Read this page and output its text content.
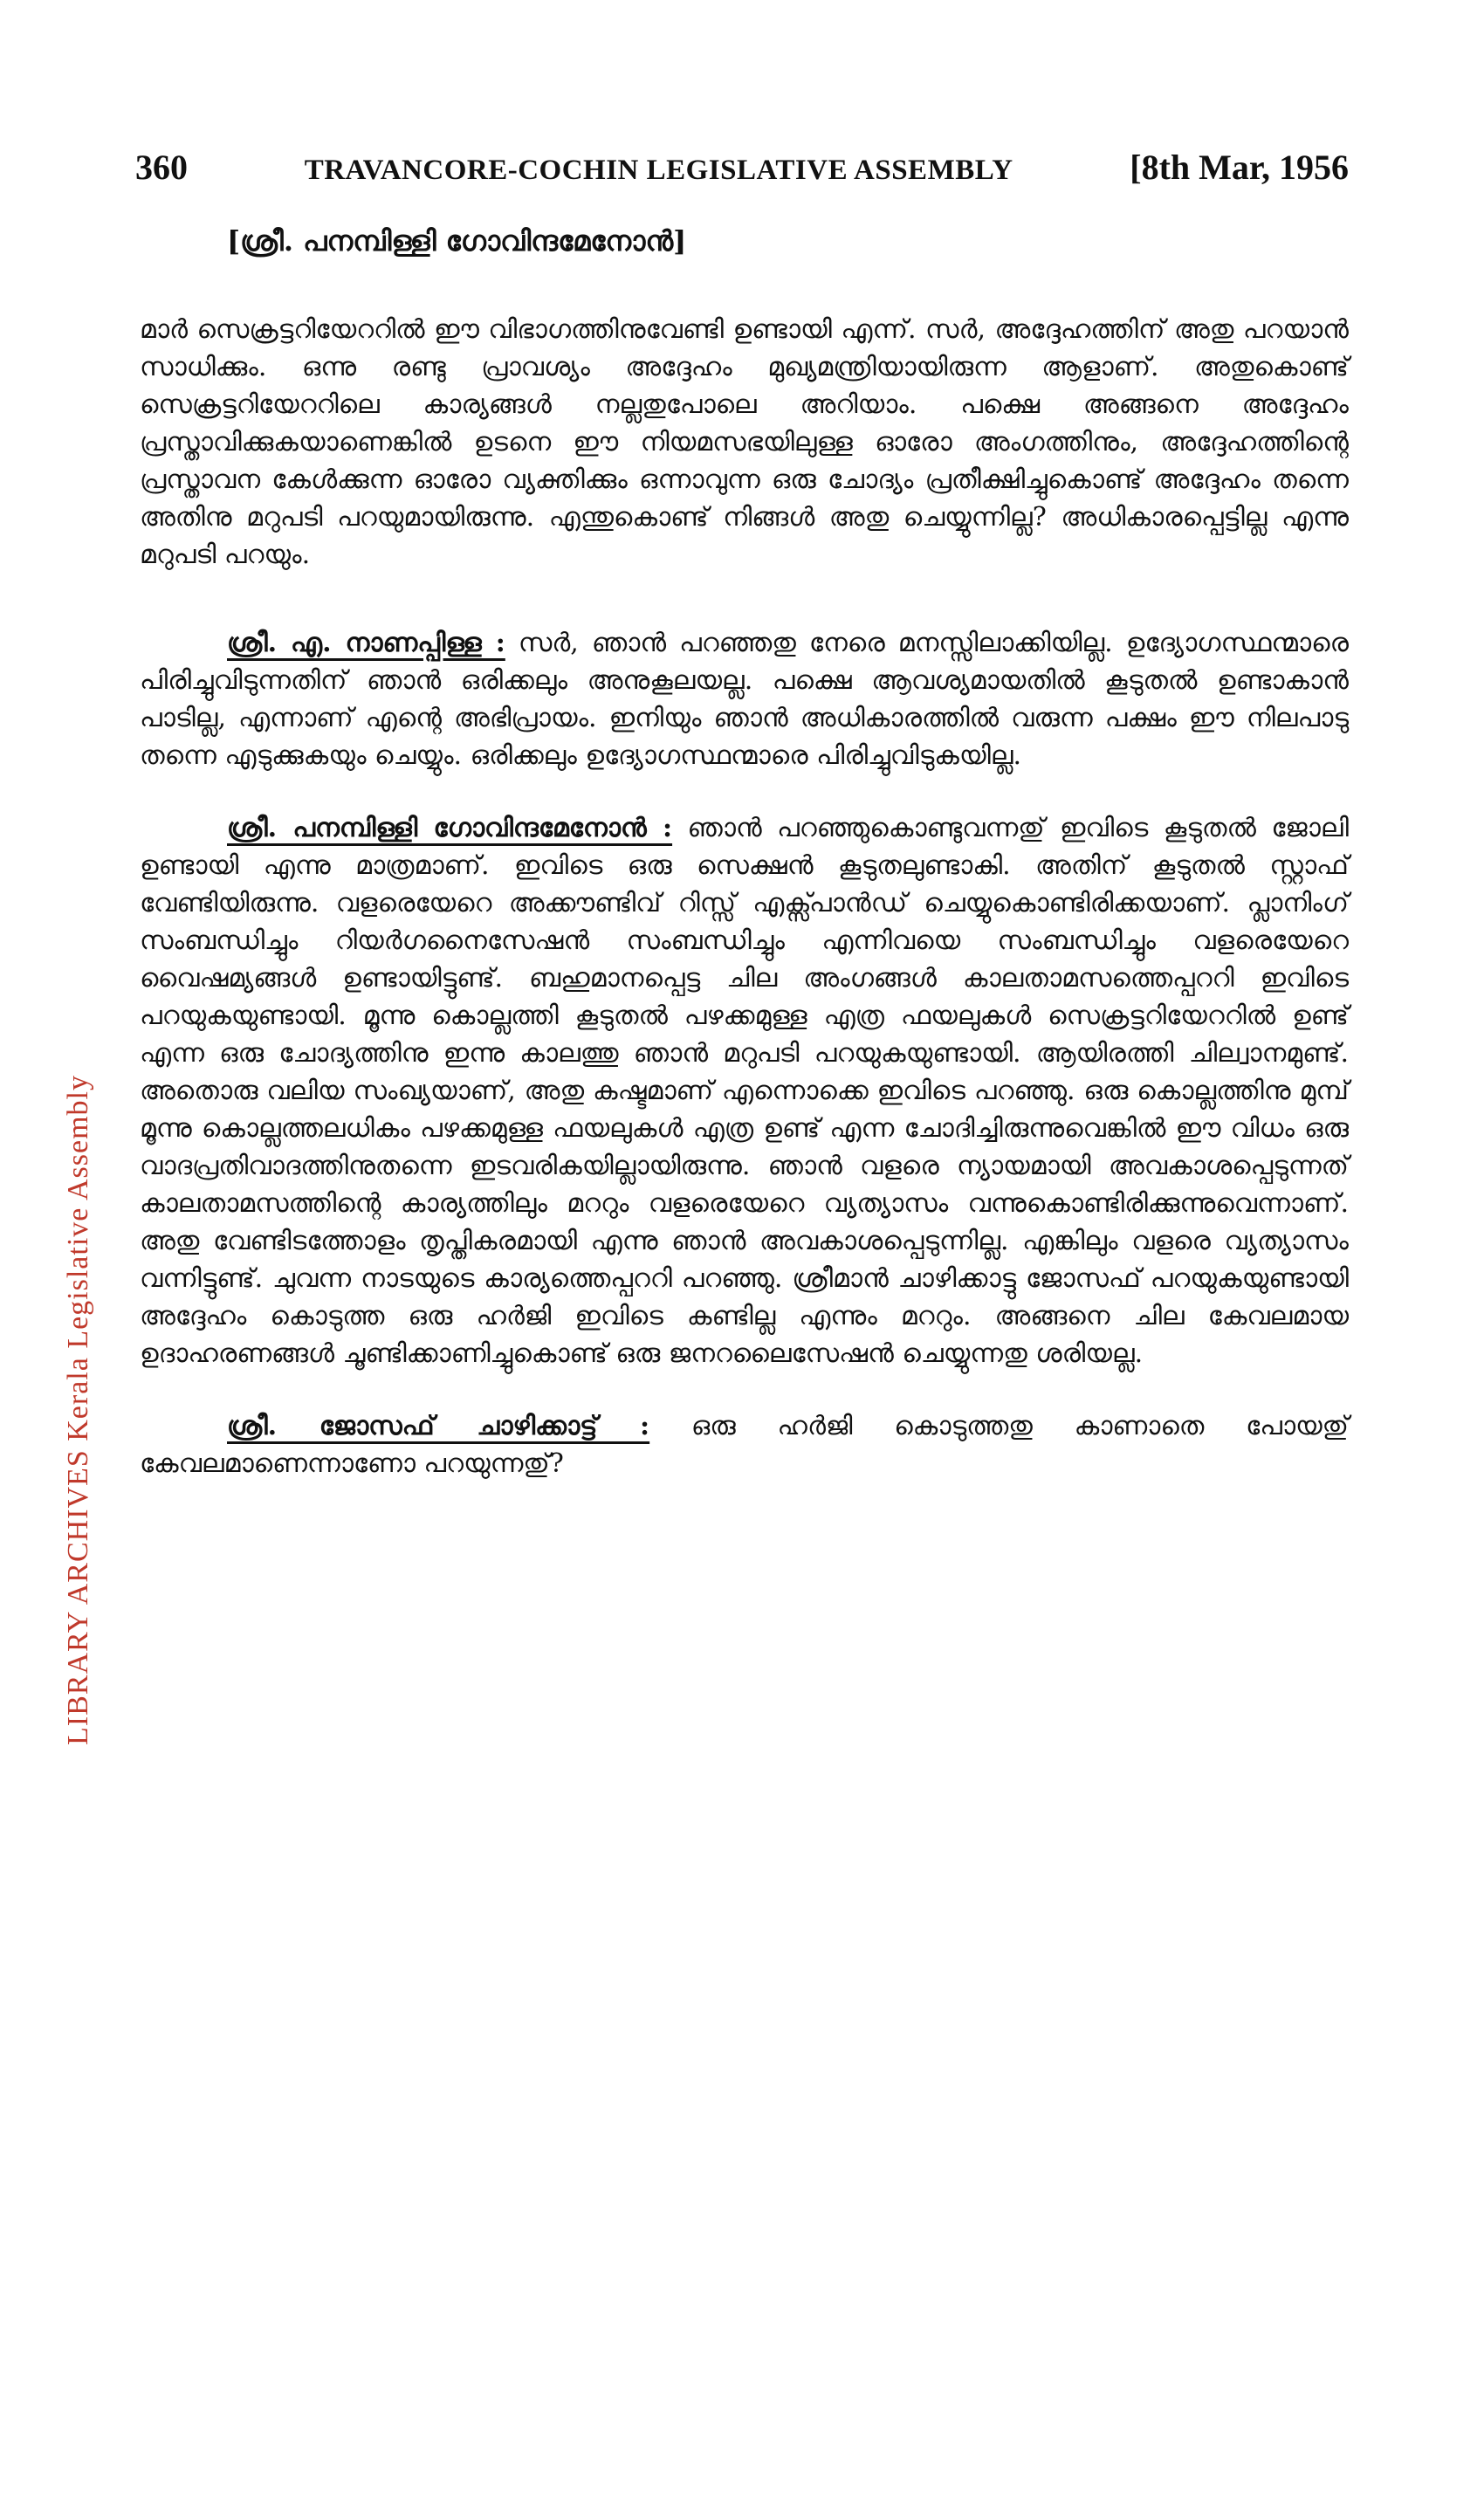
LIBRARY ARCHIVES Kerala Legislative Assembly
360	TRAVANCORE-COCHIN LEGISLATIVE ASSEMBLY	[8th Mar, 1956
[ശ്രീ. പനമ്പിള്ളി ഗോവിന്ദമേനോൻ]

മാർ സെക്രട്ടറിയേററിൽ ഈ വിഭാഗത്തിനുവേണ്ടി ഉണ്ടായി എന്ന്. സർ, അദ്ദേഹത്തിന് അതു പറയാൻ സാധിക്കും. ഒന്നു രണ്ടു പ്രാവശ്യം അദ്ദേഹം മുഖ്യമന്ത്രിയായിരുന്ന ആളാണ്. അതുകൊണ്ട് സെക്രട്ടറിയേററിലെ കാര്യങ്ങൾ നല്ലതുപോലെ അറിയാം. പക്ഷെ അങ്ങനെ അദ്ദേഹം പ്രസ്താവിക്കുകയാണെങ്കിൽ ഉടനെ ഈ നിയമസഭയിലുള്ള ഓരോ അംഗത്തിനും, അദ്ദേഹത്തിന്റെ പ്രസ്താവന കേൾക്കുന്ന ഓരോ വ്യക്തിക്കും ഒന്നാവുന്ന ഒരു ചോദ്യം പ്രതീക്ഷിച്ചുകൊണ്ട് അദ്ദേഹം തന്നെ അതിനു മറുപടി പറയുമായിരുന്നു. എന്തുകൊണ്ട് നിങ്ങൾ അതു ചെയ്യുന്നില്ല? അധികാരപ്പെട്ടില്ല എന്നു മറുപടി പറയും.

ശ്രീ. എ. നാണപ്പിള്ള : സർ, ഞാൻ പറഞ്ഞതു നേരെ മനസ്സിലാക്കിയില്ല. ഉദ്യോഗസ്ഥന്മാരെ പിരിച്ചുവിടുന്നതിന് ഞാൻ ഒരിക്കലും അനുകൂലയല്ല. പക്ഷെ ആവശ്യമായതിൽ കൂടുതൽ ഉണ്ടാകാൻ പാടില്ല, എന്നാണ് എന്റെ അഭിപ്രായം. ഇനിയും ഞാൻ അധികാരത്തിൽ വരുന്ന പക്ഷം ഈ നിലപാടു തന്നെ എടുക്കുകയും ചെയ്യും. ഒരിക്കലും ഉദ്യോഗസ്ഥന്മാരെ പിരിച്ചുവിടുകയില്ല.

ശ്രീ. പനമ്പിള്ളി ഗോവിന്ദമേനോൻ : ഞാൻ പറഞ്ഞുകൊണ്ടുവന്നതു് ഇവിടെ കൂടുതൽ ജോലി ഉണ്ടായി എന്നു മാത്രമാണ്. ഇവിടെ ഒരു സെക്ഷൻ കൂടുതലുണ്ടാകി. അതിന് കൂടുതൽ സ്റ്റാഫ് വേണ്ടിയിരുന്നു. വളരെയേറെ അക്കൗണ്ടിവ് റിസ്സ് എക്സ്പാൻഡ് ചെയ്യുകൊണ്ടിരിക്കയാണ്. പ്ലാനിംഗ് സംബന്ധിച്ചും റിയർഗനൈസേഷൻ സംബന്ധിച്ചും എന്നിവയെ സംബന്ധിച്ചും വളരെയേറെ വൈഷമ്യങ്ങൾ ഉണ്ടായിട്ടുണ്ട്. ബഹുമാനപ്പെട്ട ചില അംഗങ്ങൾ കാലതാമസത്തെപ്പററി ഇവിടെ പറയുകയുണ്ടായി. മൂന്നു കൊല്ലത്തി കൂടുതൽ പഴക്കമുള്ള എത്ര ഫയലുകൾ സെക്രട്ടറിയേററിൽ ഉണ്ട് എന്ന ഒരു ചോദ്യത്തിനു ഇന്നു കാലത്തു ഞാൻ മറുപടി പറയുകയുണ്ടായി. ആയിരത്തി ചില്വാനമുണ്ട്. അതൊരു വലിയ സംഖ്യയാണ്, അതു കഷ്ടമാണ് എന്നൊക്കെ ഇവിടെ പറഞ്ഞു. ഒരു കൊല്ലത്തിനു മുമ്പ് മൂന്നു കൊല്ലത്തലധികം പഴക്കമുള്ള ഫയലുകൾ എത്ര ഉണ്ട് എന്ന ചോദിച്ചിരുന്നുവെങ്കിൽ ഈ വിധം ഒരു വാദപ്രതിവാദത്തിനുതന്നെ ഇടവരികയില്ലായിരുന്നു. ഞാൻ വളരെ ന്യായമായി അവകാശപ്പെടുന്നത് കാലതാമസത്തിന്റെ കാര്യത്തിലും മററും വളരെയേറെ വ്യത്യാസം വന്നുകൊണ്ടിരിക്കുന്നുവെന്നാണ്. അതു വേണ്ടിടത്തോളം തൃപ്തികരമായി എന്നു ഞാൻ അവകാശപ്പെടുന്നില്ല. എങ്കിലും വളരെ വ്യത്യാസം വന്നിട്ടുണ്ട്. ചുവന്ന നാടയുടെ കാര്യത്തെപ്പററി പറഞ്ഞു. ശ്രീമാൻ ചാഴിക്കാട്ടു ജോസഫ് പറയുകയുണ്ടായി അദ്ദേഹം കൊടുത്ത ഒരു ഹർജി ഇവിടെ കണ്ടില്ല എന്നും മററും. അങ്ങനെ ചില കേവലമായ ഉദാഹരണങ്ങൾ ചൂണ്ടിക്കാണിച്ചുകൊണ്ട് ഒരു ജനറലൈസേഷൻ ചെയ്യുന്നതു ശരിയല്ല.

ശ്രീ. ജോസഫ് ചാഴിക്കാട്ട് : ഒരു ഹർജി കൊടുത്തതു കാണാതെ പോയതു് കേവലമാണെന്നാണോ പറയുന്നതു്?
